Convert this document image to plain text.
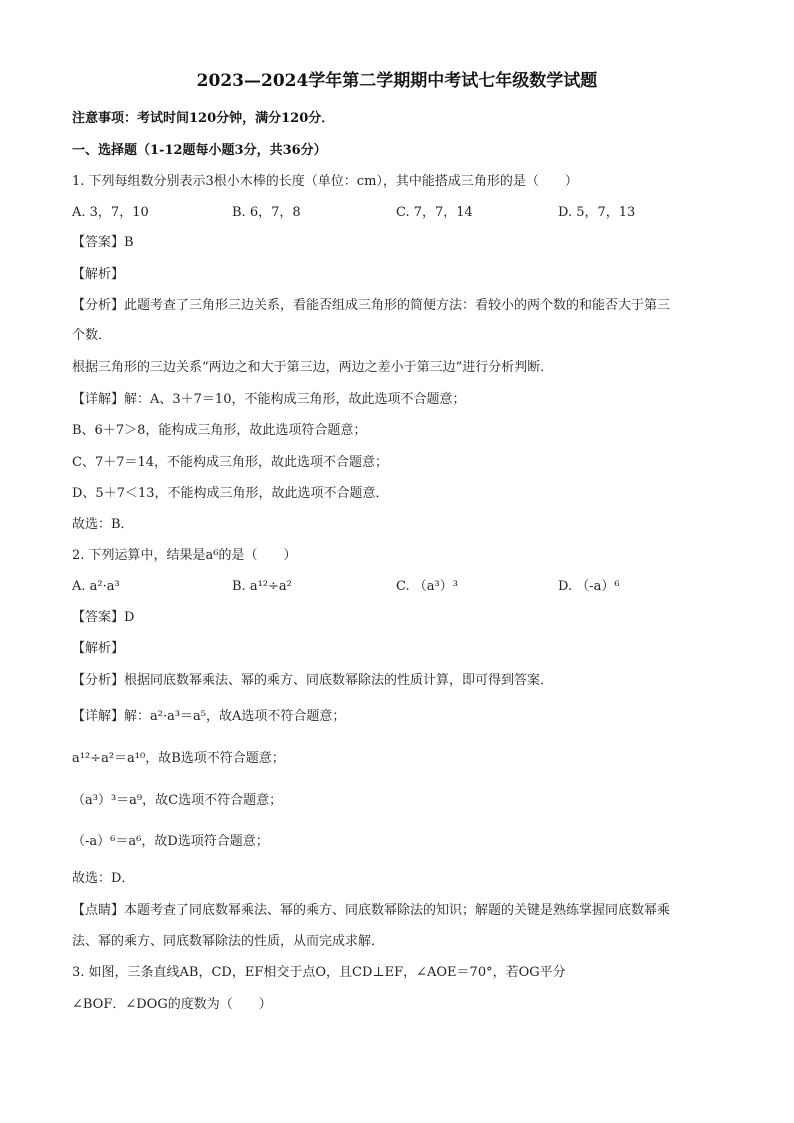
2023—2024学年第二学期期中考试七年级数学试题
注意事项：考试时间120分钟，满分120分．
一、选择题（1-12题每小题3分，共36分）
1. 下列每组数分别表示3根小木棒的长度（单位：cm），其中能搭成三角形的是（　　）
A. 3，7，10	B. 6，7，8	C. 7，7，14	D. 5，7，13
【答案】B
【解析】
【分析】此题考查了三角形三边关系，看能否组成三角形的简便方法：看较小的两个数的和能否大于第三
个数．
根据三角形的三边关系“两边之和大于第三边，两边之差小于第三边”进行分析判断．
【详解】解：A、3＋7＝10，不能构成三角形，故此选项不合题意；
B、6＋7＞8，能构成三角形，故此选项符合题意；
C、7＋7＝14，不能构成三角形，故此选项不合题意；
D、5＋7＜13，不能构成三角形，故此选项不合题意．
故选：B．
2. 下列运算中，结果是a⁶的是（　　）
A. a²·a³	B. a¹²÷a²	C. （a³）³	D. （-a）⁶
【答案】D
【解析】
【分析】根据同底数幂乘法、幂的乘方、同底数幂除法的性质计算，即可得到答案．
【详解】解：a²·a³＝a⁵，故A选项不符合题意；
a¹²÷a²＝a¹⁰，故B选项不符合题意；
（a³）³＝a⁹，故C选项不符合题意；
（-a）⁶＝a⁶，故D选项符合题意；
故选：D．
【点睛】本题考查了同底数幂乘法、幂的乘方、同底数幂除法的知识；解题的关键是熟练掌握同底数幂乘
法、幂的乘方、同底数幂除法的性质，从而完成求解．
3. 如图，三条直线AB，CD，EF相交于点O，且CD⊥EF，∠AOE＝70°，若OG平分
∠BOF．∠DOG的度数为（　　）
